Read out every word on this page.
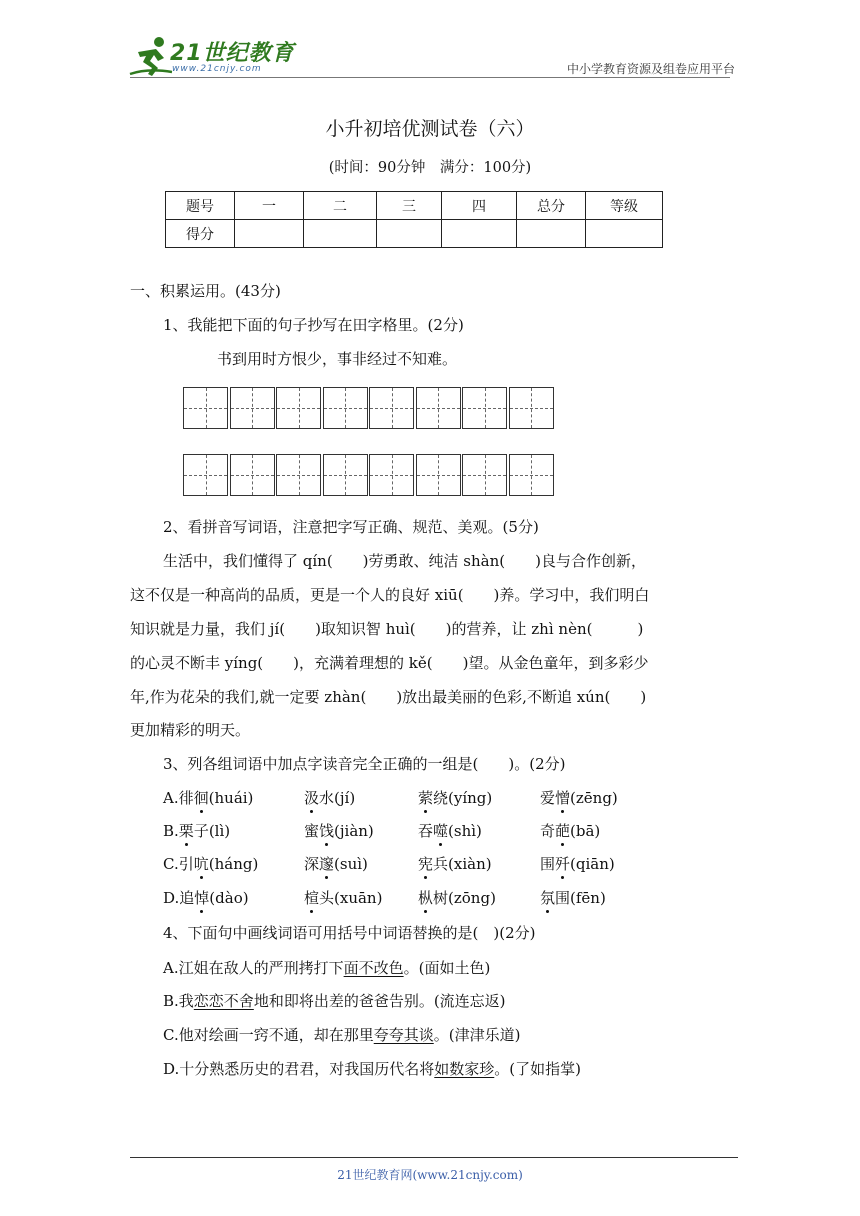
21世纪教育
www.21cnjy.com	中小学教育资源及组卷应用平台
小升初培优测试卷（六）
(时间：90分钟　满分：100分)
题号	一	二	三	四	总分	等级
得分						
一、积累运用。(43分)
1、我能把下面的句子抄写在田字格里。(2分)
书到用时方恨少，事非经过不知难。
2、看拼音写词语，注意把字写正确、规范、美观。(5分)
生活中，我们懂得了 qín(　　)劳勇敢、纯洁 shàn(　　)良与合作创新，
这不仅是一种高尚的品质，更是一个人的良好 xiū(　　)养。学习中，我们明白
知识就是力量，我们 jí(　　)取知识智 huì(　　)的营养，让 zhì nèn(　　　)
的心灵不断丰 yíng(　　)，充满着理想的 kě(　　)望。从金色童年，到多彩少
年,作为花朵的我们,就一定要 zhàn(　　)放出最美丽的色彩,不断追 xún(　　)
更加精彩的明天。
3、列各组词语中加点字读音完全正确的一组是(　　)。(2分)
A.徘徊(huái)	汲水(jí)	萦绕(yíng)	爱憎(zēng)
B.栗子(lì)	蜜饯(jiàn)	吞噬(shì)	奇葩(bā)
C.引吭(háng)	深邃(suì)	宪兵(xiàn)	围歼(qiān)
D.追悼(dào)	楦头(xuān) 枞树(zōng)	氛围(fēn)
4、下面句中画线词语可用括号中词语替换的是(　)(2分)
A.江姐在敌人的严刑拷打下面不改色。(面如土色)
B.我恋恋不舍地和即将出差的爸爸告别。(流连忘返)
C.他对绘画一窍不通，却在那里夸夸其谈。(津津乐道)
D.十分熟悉历史的君君，对我国历代名将如数家珍。(了如指掌)
21世纪教育网(www.21cnjy.com)
